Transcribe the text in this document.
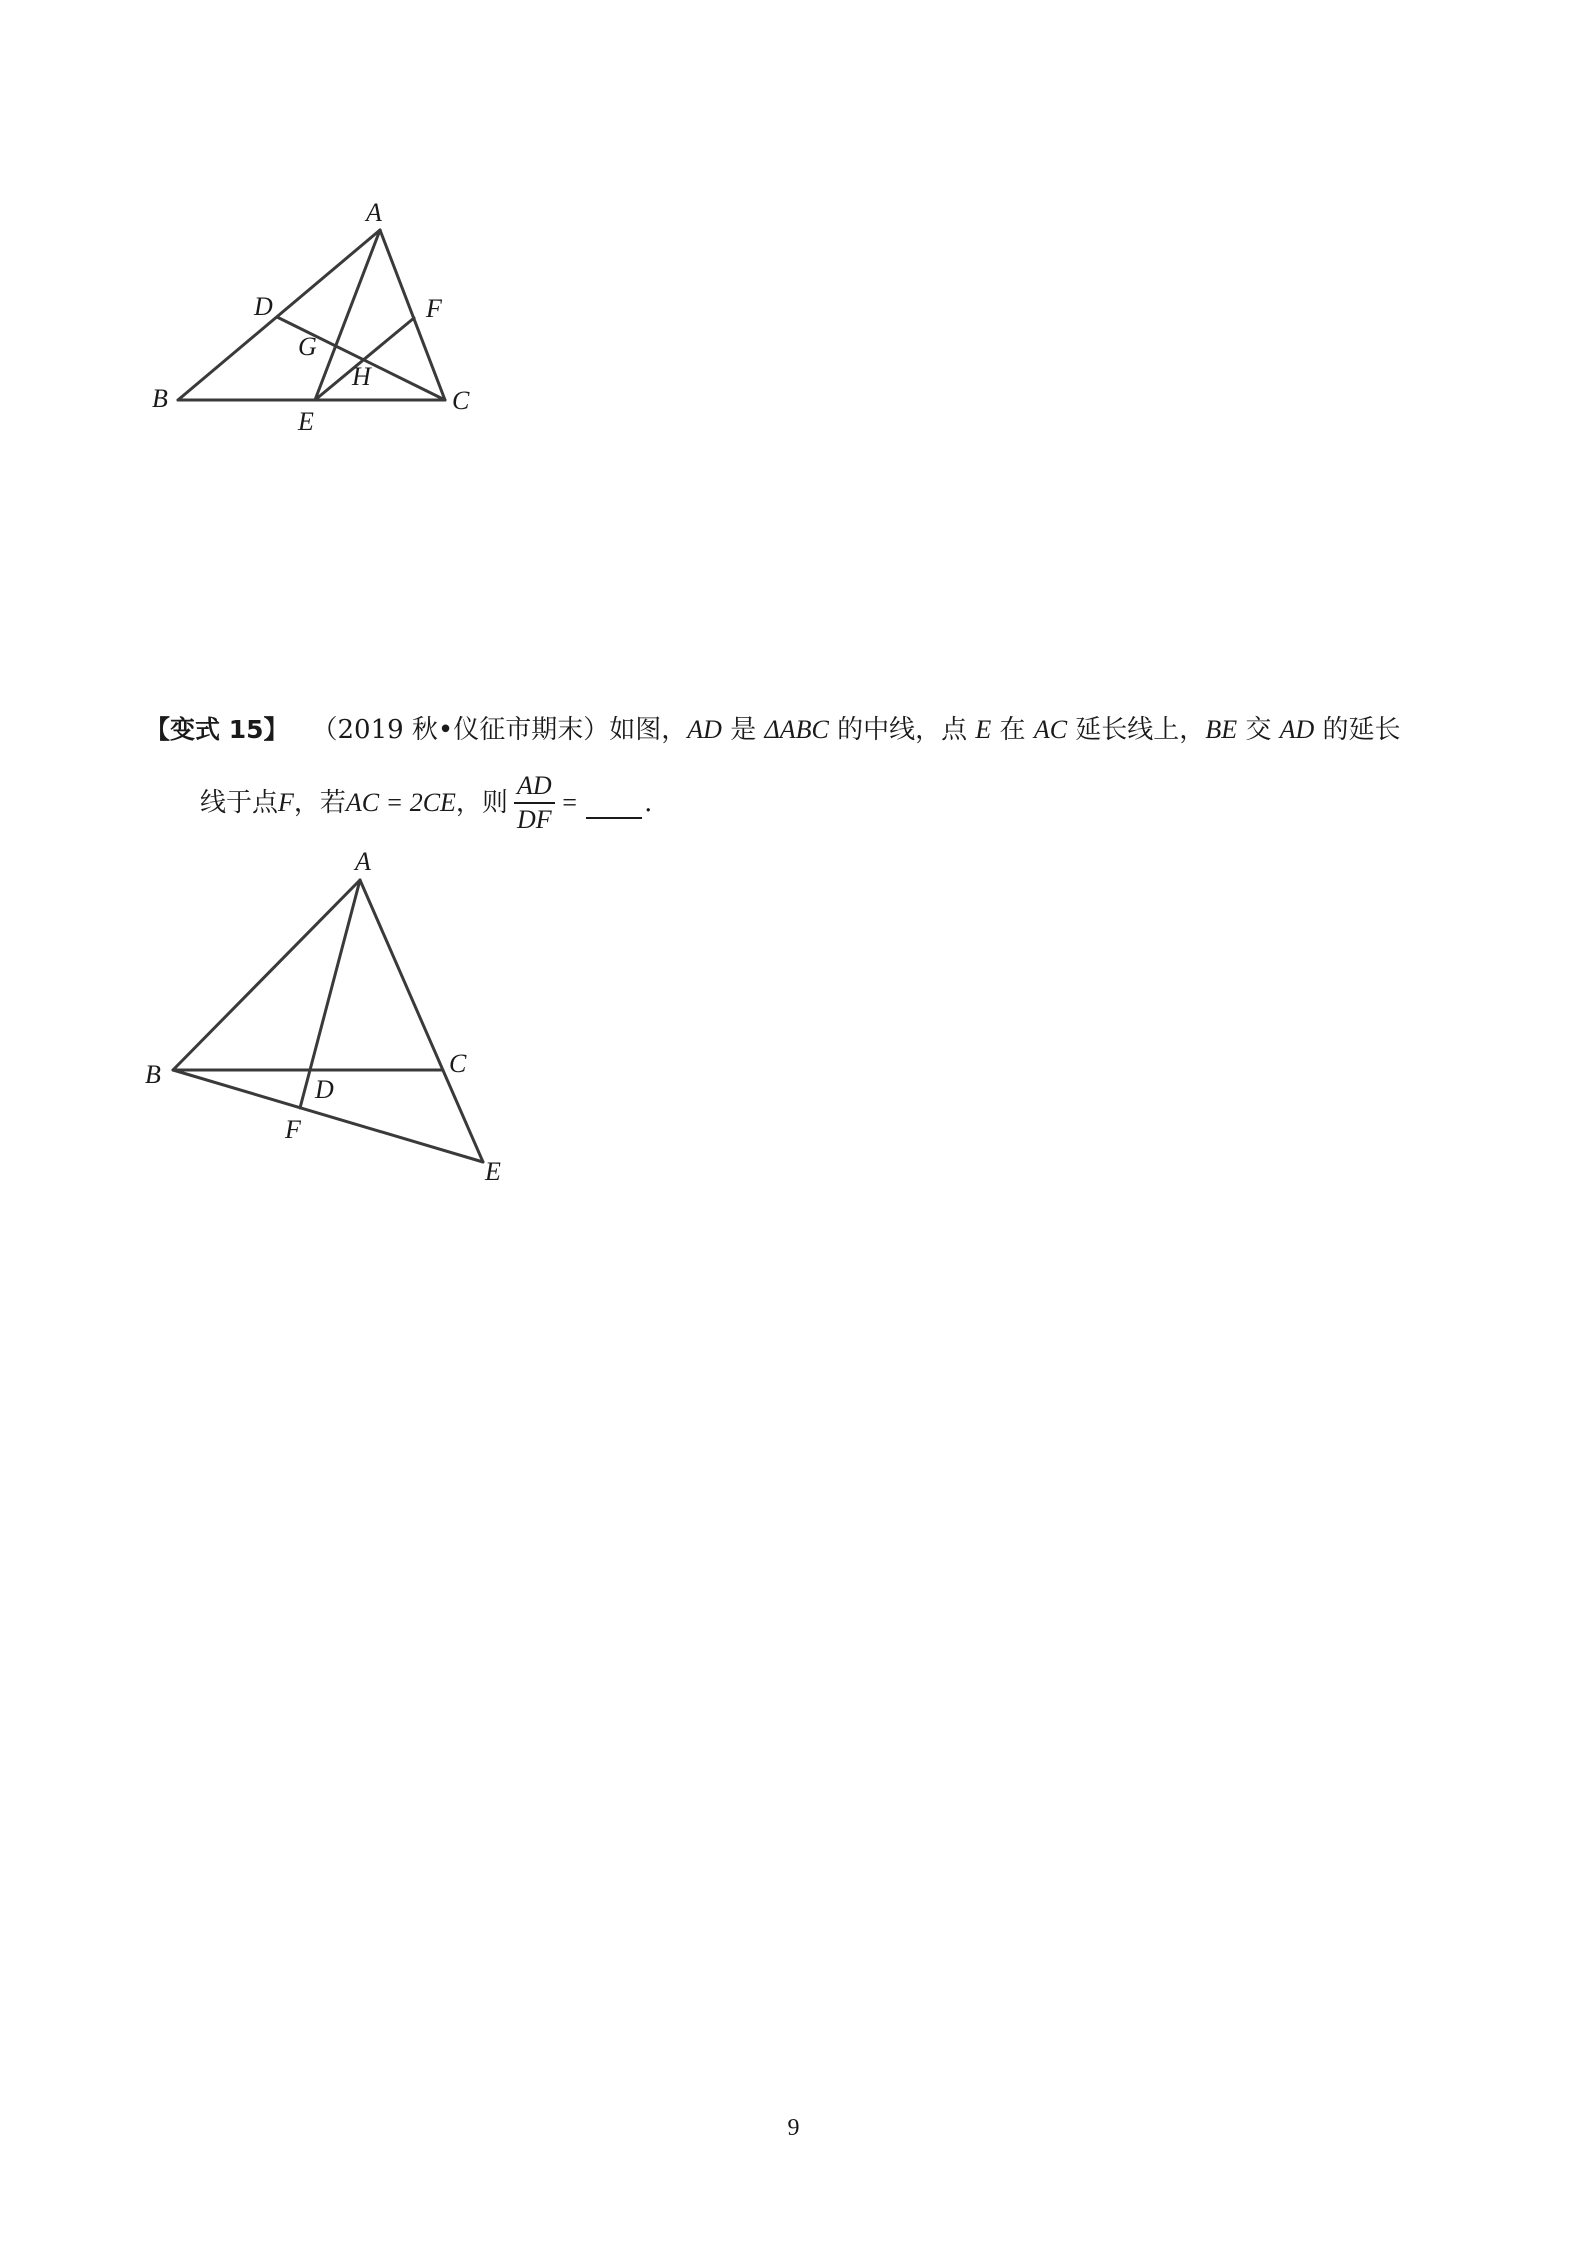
A
B	C
D
E
F
G
H
【变式 15】 （2019 秋•仪征市期末）如图，AD 是 ΔABC 的中线，点 E 在 AC 延长线上，BE 交 AD 的延长
线于点 F ，若 AC = 2CE ，则 $\frac{AD}{DF}$ =	.
A
B	C
D
E
F
9
